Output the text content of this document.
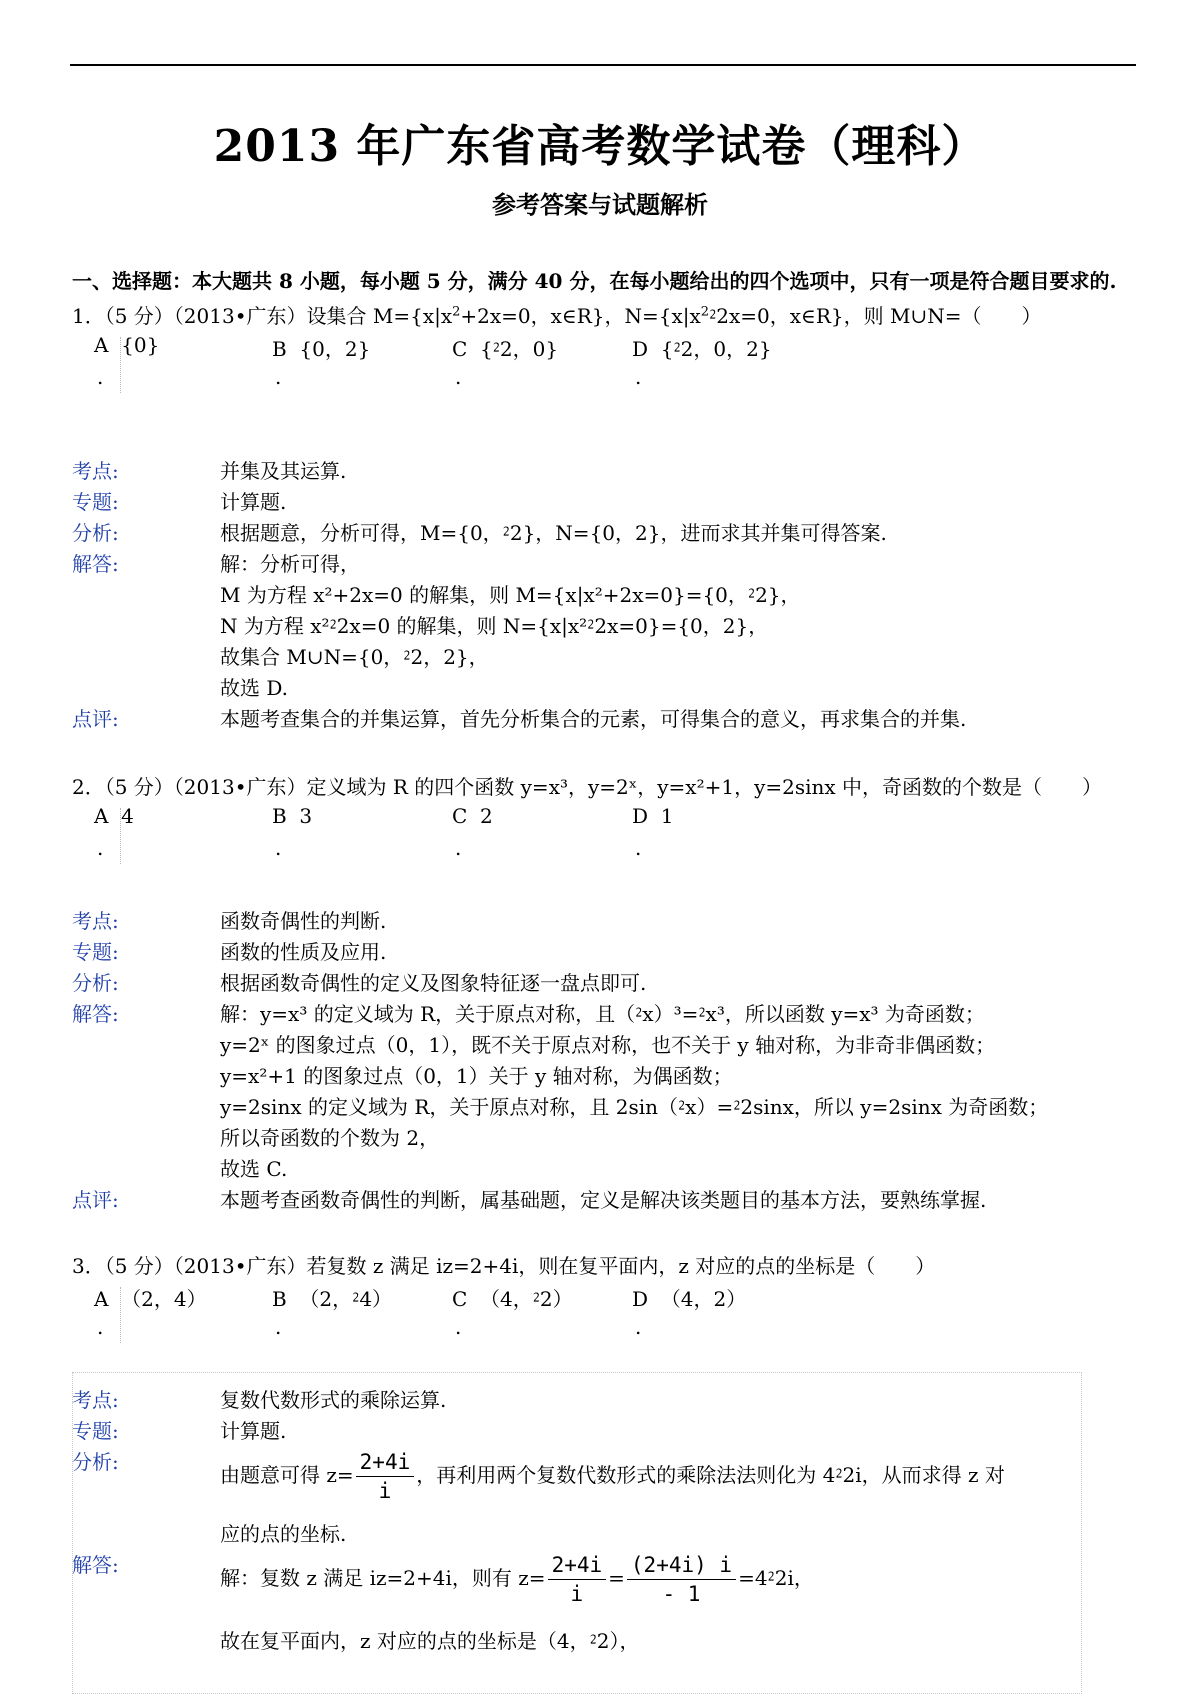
2013 年广东省高考数学试卷（理科）
参考答案与试题解析
一、选择题：本大题共 8 小题，每小题 5 分，满分 40 分，在每小题给出的四个选项中，只有一项是符合题目要求的.
1．（5 分）（2013•广东）设集合 $M=\{x|x^2+2x=0$，x∈R}，$N=\{x|x^2⁲2x=0$，x∈R}，则 M∪N=（　　）
A {0}
.
B {0，2}
.
C {⁲2，0}
.
D {⁲2，0，2}
.
考点:	并集及其运算.
专题:	计算题.
分析:	根据题意，分析可得，M={0，⁲2}，N={0，2}，进而求其并集可得答案.
解答:	解：分析可得，
M 为方程 x²+2x=0 的解集，则 M={x|x²+2x=0}={0，⁲2}，
N 为方程 x²⁲2x=0 的解集，则 N={x|x²⁲2x=0}={0，2}，
故集合 M∪N={0，⁲2，2}，
故选 D.
点评:	本题考查集合的并集运算，首先分析集合的元素，可得集合的意义，再求集合的并集.
2．（5 分）（2013•广东）定义域为 R 的四个函数 y=x³，y=2ˣ，y=x²+1，y=2sinx 中，奇函数的个数是（　　）
A 4
.
B 3
.
C 2
.
D 1
.
考点:	函数奇偶性的判断.
专题:	函数的性质及应用.
分析:	根据函数奇偶性的定义及图象特征逐一盘点即可.
解答:	解：y=x³ 的定义域为 R，关于原点对称，且（⁲x）³=⁲x³，所以函数 y=x³ 为奇函数；
y=2ˣ 的图象过点（0，1），既不关于原点对称，也不关于 y 轴对称，为非奇非偶函数；
y=x²+1 的图象过点（0，1）关于 y 轴对称，为偶函数；
y=2sinx 的定义域为 R，关于原点对称，且 2sin（⁲x）=⁲2sinx，所以 y=2sinx 为奇函数；
所以奇函数的个数为 2，
故选 C.
点评:	本题考查函数奇偶性的判断，属基础题，定义是解决该类题目的基本方法，要熟练掌握.
3．（5 分）（2013•广东）若复数 z 满足 iz=2+4i，则在复平面内，z 对应的点的坐标是（　　）
A （2，4）
.
B （2，⁲4）
.
C （4，⁲2）
.
D （4，2）
.
考点:	复数代数形式的乘除运算.
专题:	计算题.
分析:
由题意可得 $z= \frac{2+4i}{i}$ ，再利用两个复数代数形式的乘除法法则化为 4⁲2i，从而求得 z 对
应的点的坐标.
解答:
解：复数 z 满足 iz=2+4i，则有 $z= \frac{2+4i}{i} = \frac{(2+4i) i}{- 1}$ =4⁲2i，
故在复平面内，z 对应的点的坐标是（4，⁲2），
